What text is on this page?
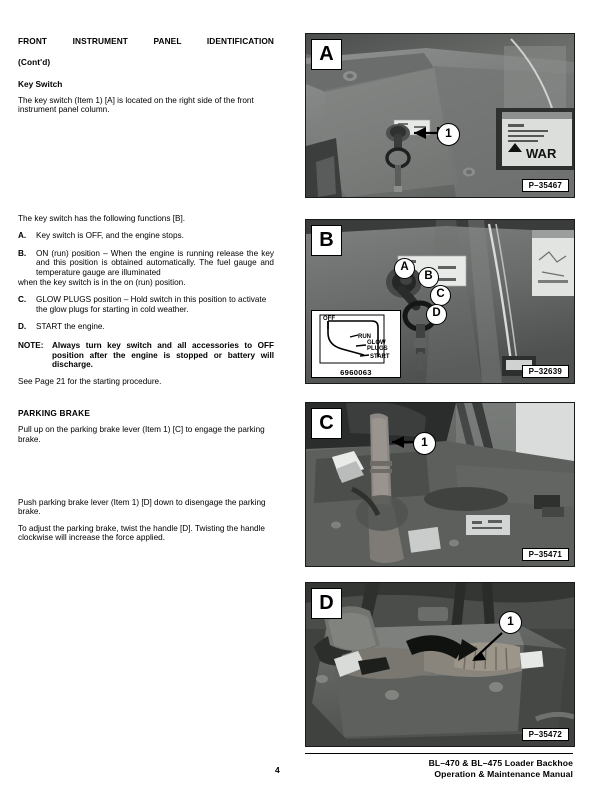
FRONT INSTRUMENT PANEL IDENTIFICATION
(Cont'd)
Key Switch

The key switch (Item 1) [A] is located on the right side of the front instrument panel column.

The key switch has the following functions [B].

A. Key switch is OFF, and the engine stops.
B. ON (run) position – When the engine is running release the key and this position is obtained automatically. The fuel gauge and temperature gauge are illuminated
when the key switch is in the on (run) position.
C. GLOW PLUGS position – Hold switch in this position to activate the glow plugs for starting in cold weather.
D. START the engine.
NOTE: Always turn key switch and all accessories to OFF position after the engine is stopped or battery will discharge.

See Page 21 for the starting procedure.

PARKING BRAKE

Pull up on the parking brake lever (Item 1) [C] to engage the parking brake.

Push parking brake lever (Item 1) [D] down to disengage the parking brake.

To adjust the parking brake, twist the handle [D]. Twisting the handle clockwise will increase the force applied.

WAR
A
1
P–35467
B
A
B
C
D
OFF
RUN
GLOW
PLUGS
START
6960063	P–32639
C
1
P–35471
D
1
P–35472
4
BL–470 & BL–475 Loader Backhoe
Operation & Maintenance Manual
